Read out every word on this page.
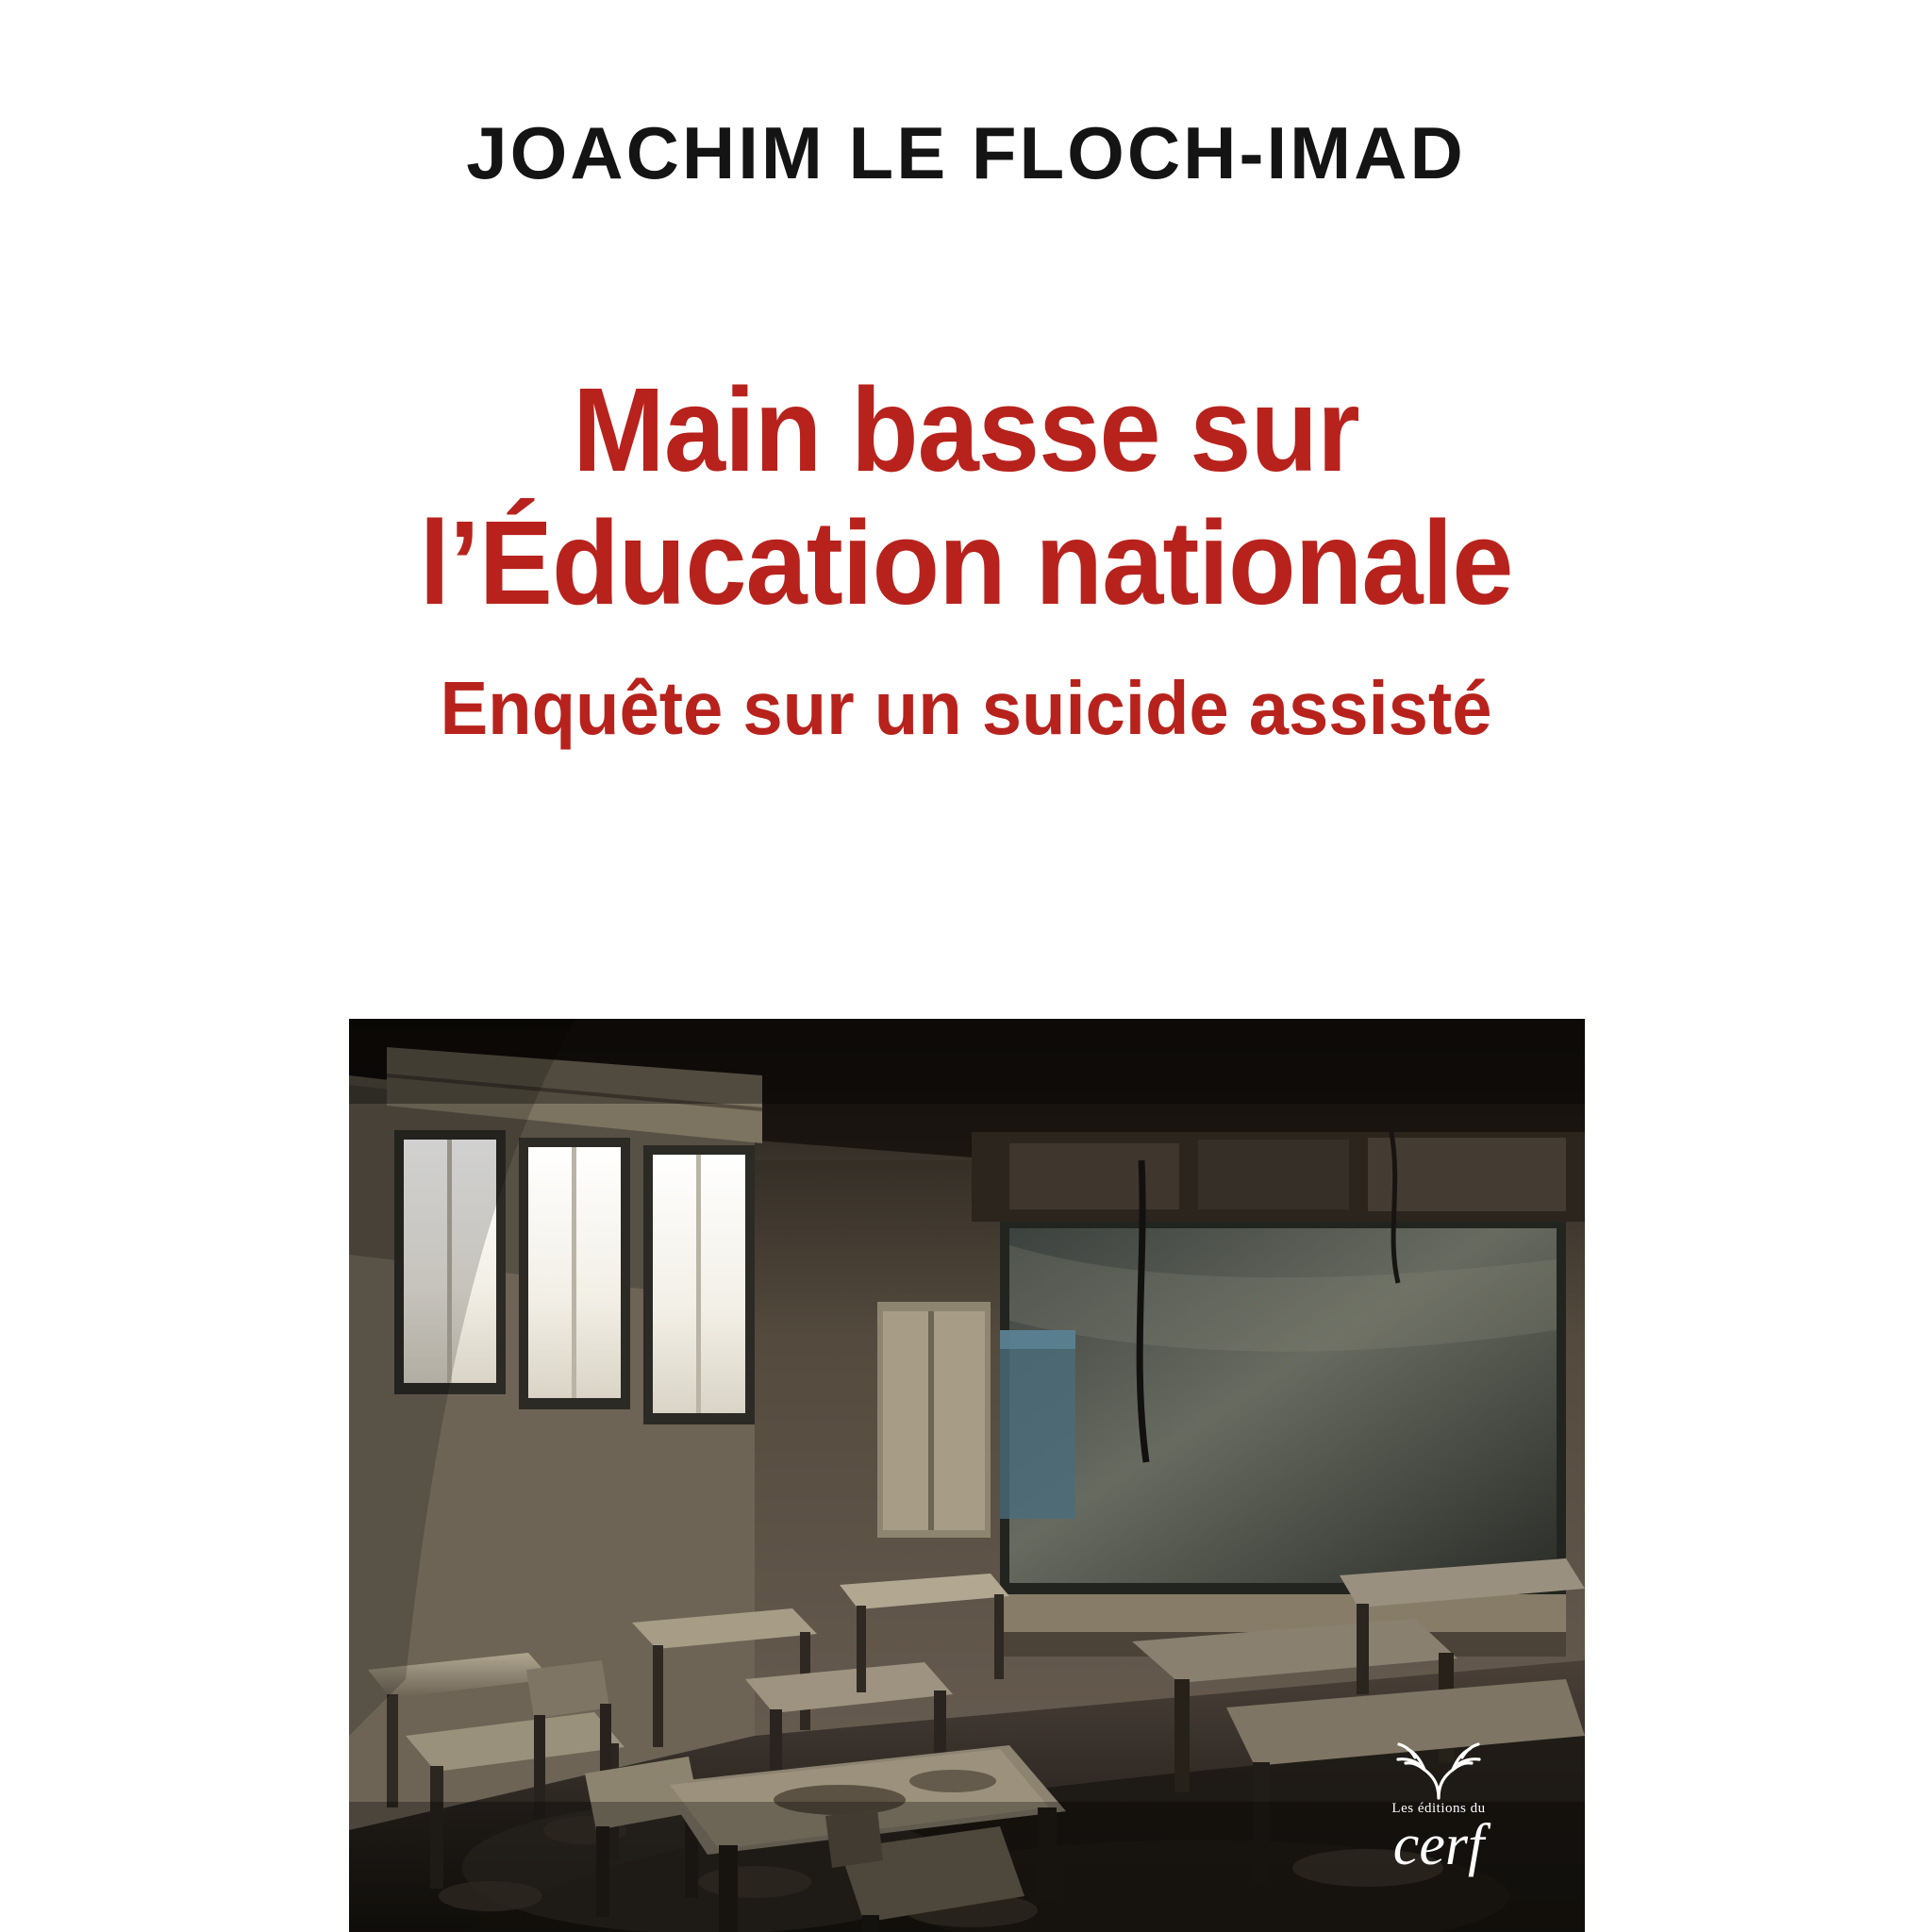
JOACHIM LE FLOCH-IMAD
Main basse sur
l’Éducation nationale
Enquête sur un suicide assisté
Les éditions du
cerf
